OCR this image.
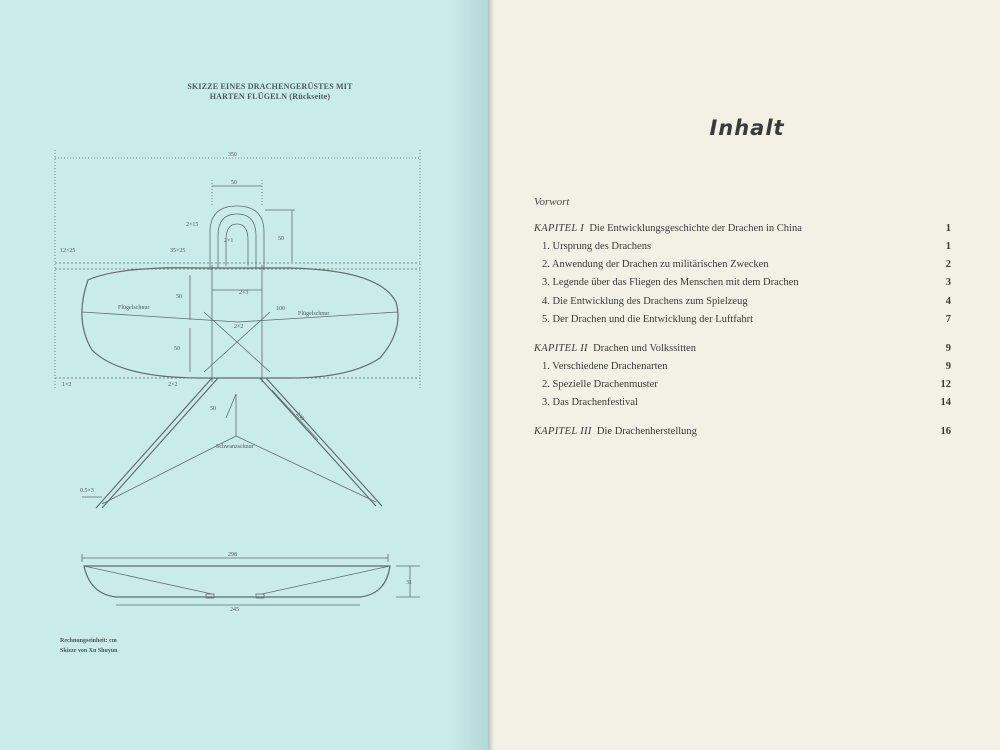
SKIZZE EINES DRACHENGERÜSTES MIT
HARTEN FLÜGELN (Rückseite)
350
50
2×15
2×1	50
12×25	35×25
Flügelschnur
Flügelschnur
50
2×3
100
2×2
50
1×2	2×2
50
230
Schwanzschnur
0.5×3
298
31
245
Rechnungseinheit: cm
Skizze von Xu Shuyun
Inhalt
Vorwort
KAPITEL I Die Entwicklungsgeschichte der Drachen in China	1
1. Ursprung des Drachens	1
2. Anwendung der Drachen zu militärischen Zwecken	2
3. Legende über das Fliegen des Menschen mit dem Drachen	3
4. Die Entwicklung des Drachens zum Spielzeug	4
5. Der Drachen und die Entwicklung der Luftfahrt	7
KAPITEL II Drachen und Volkssitten	9
1. Verschiedene Drachenarten	9
2. Spezielle Drachenmuster	12
3. Das Drachenfestival	14
KAPITEL III Die Drachenherstellung	16
